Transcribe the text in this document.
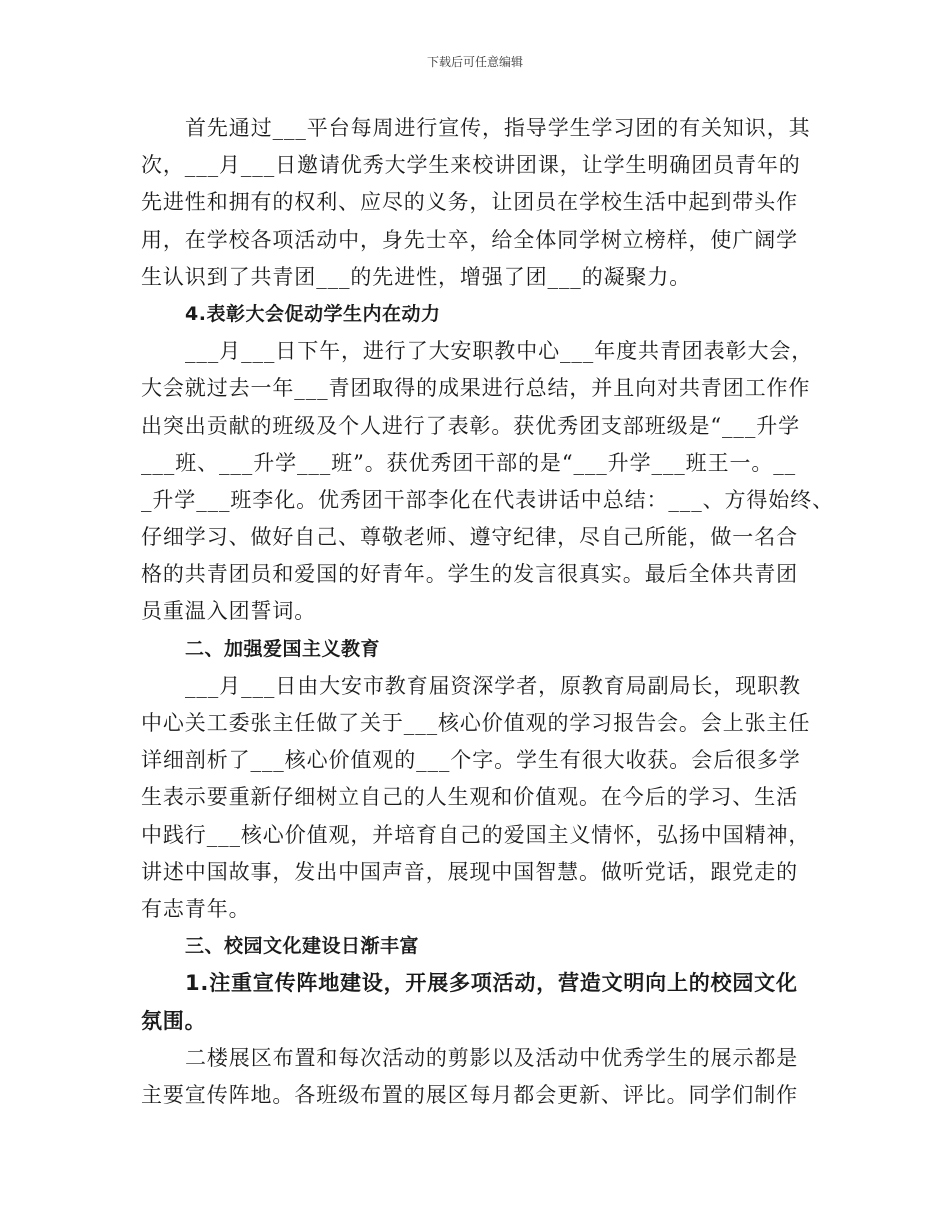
下载后可任意编辑
首先通过___平台每周进行宣传，指导学生学习团的有关知识，其
次，___月___日邀请优秀大学生来校讲团课，让学生明确团员青年的
先进性和拥有的权利、应尽的义务，让团员在学校生活中起到带头作
用，在学校各项活动中，身先士卒，给全体同学树立榜样，使广阔学
生认识到了共青团___的先进性，增强了团___的凝聚力。
4.表彰大会促动学生内在动力
___月___日下午，进行了大安职教中心___年度共青团表彰大会，
大会就过去一年___青团取得的成果进行总结，并且向对共青团工作作
出突出贡献的班级及个人进行了表彰。获优秀团支部班级是“___升学
___班、___升学___班”。获优秀团干部的是“___升学___班王一。__
_升学___班李化。优秀团干部李化在代表讲话中总结：___、方得始终、
仔细学习、做好自己、尊敬老师、遵守纪律，尽自己所能，做一名合
格的共青团员和爱国的好青年。学生的发言很真实。最后全体共青团
员重温入团誓词。
二、加强爱国主义教育
___月___日由大安市教育届资深学者，原教育局副局长，现职教
中心关工委张主任做了关于___核心价值观的学习报告会。会上张主任
详细剖析了___核心价值观的___个字。学生有很大收获。会后很多学
生表示要重新仔细树立自己的人生观和价值观。在今后的学习、生活
中践行___核心价值观，并培育自己的爱国主义情怀，弘扬中国精神，
讲述中国故事，发出中国声音，展现中国智慧。做听党话，跟党走的
有志青年。
三、校园文化建设日渐丰富
1.注重宣传阵地建设，开展多项活动，营造文明向上的校园文化
氛围。
二楼展区布置和每次活动的剪影以及活动中优秀学生的展示都是
主要宣传阵地。各班级布置的展区每月都会更新、评比。同学们制作
